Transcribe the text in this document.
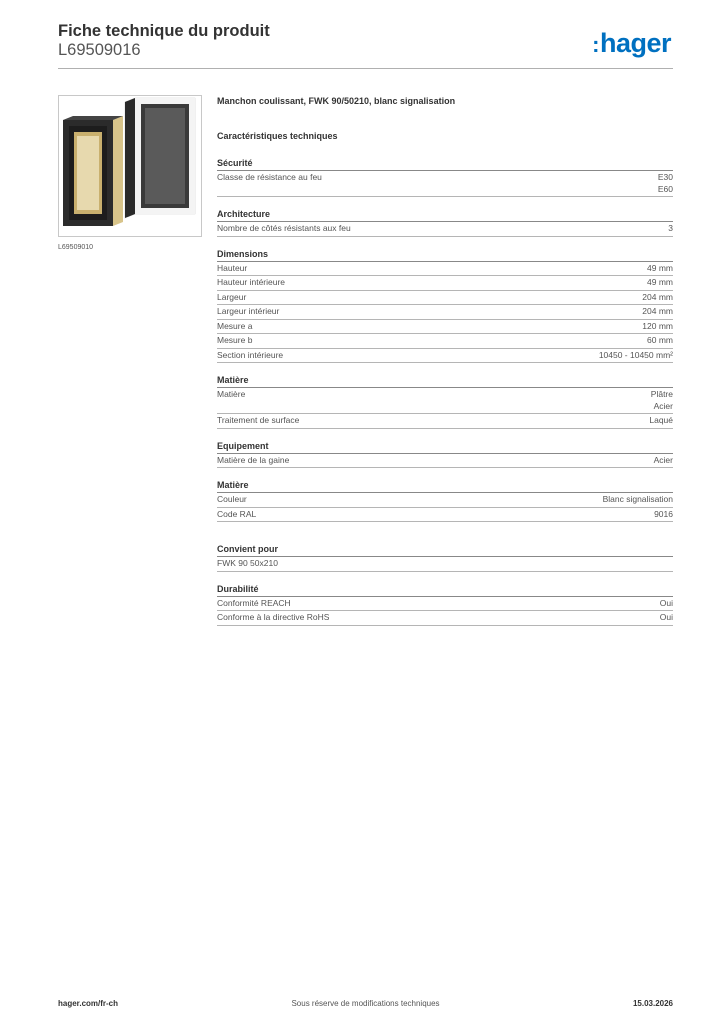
Fiche technique du produit
L69509016	:hager
L69509010
Manchon coulissant, FWK 90/50210, blanc signalisation
Caractéristiques techniques
Sécurité
Classe de résistance au feu	E30
E60
Architecture
Nombre de côtés résistants aux feu	3
Dimensions
Hauteur	49 mm
Hauteur intérieure	49 mm
Largeur	204 mm
Largeur intérieur	204 mm
Mesure a	120 mm
Mesure b	60 mm
Section intérieure	10450 - 10450 mm²
Matière
Matière	Plâtre
Acier
Traitement de surface	Laqué
Equipement
Matière de la gaine	Acier
Matière
Couleur	Blanc signalisation
Code RAL	9016
Convient pour
FWK 90 50x210
Durabilité
Conformité REACH	Oui
Conforme à la directive RoHS	Oui
hager.com/fr-ch	Sous réserve de modifications techniques	15.03.2026
